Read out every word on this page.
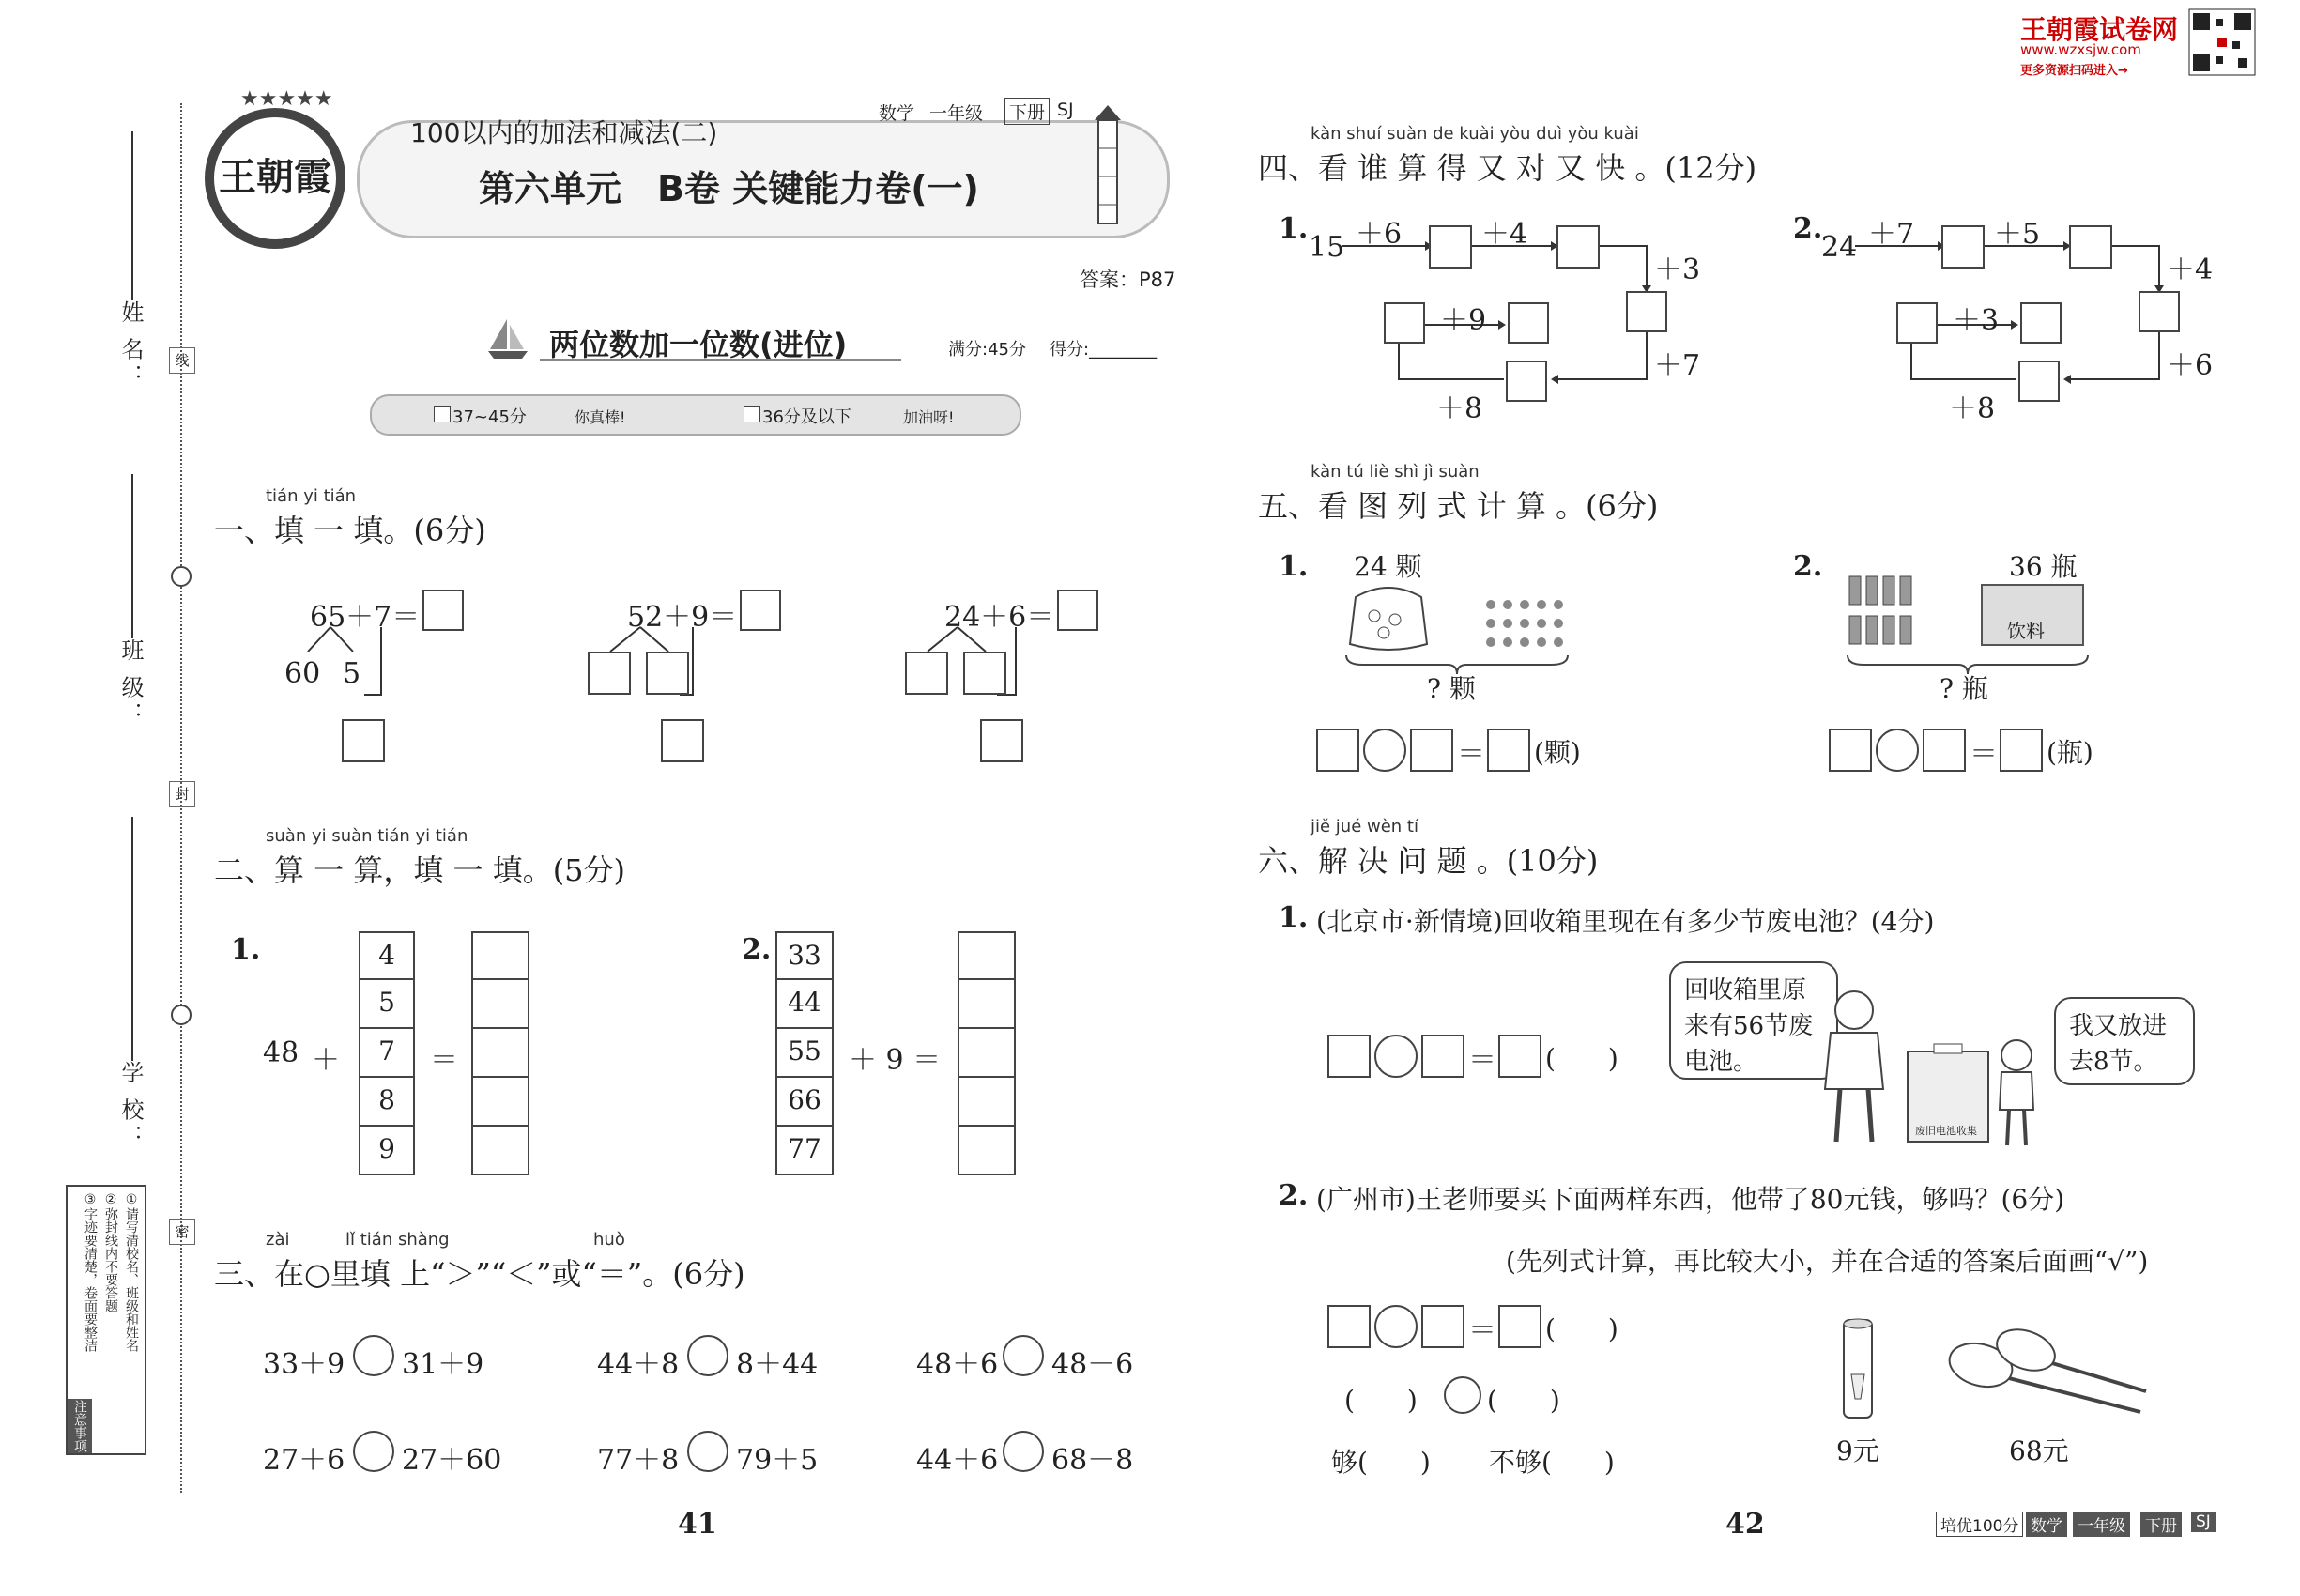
线
封
密
姓 名：
班 级：
学 校：
注意事项
①请写清校名、班级和姓名
②弥封线内不要答题
③字迹要清楚，卷面要整洁
王朝霞
★★★★★
数学 一年级 下册 SJ
100以内的加法和减法(二)
第六单元　B卷 关键能力卷(一)
答案：P87
两位数加一位数(进位)	满分:45分 得分:________
37~45分	你真棒!	36分及以下	加油呀!
tián yi tián
一、填 一 填。(6分)
65＋7＝
60 5
52＋9＝	24＋6＝
suàn yi suàn tián yi tián
二、算 一 算，填 一 填。(5分)
1.
48 ＋
4
5
7
8
9
＝
2. 33
44
55
66
77
＋ 9 ＝
zài	lǐ tián shàng	huò
三、在○里填 上“＞”“＜”或“＝”。(6分)
33＋9 31＋9	44＋8 8＋44	48＋6 48－6
27＋6 27＋60	77＋8 79＋5	44＋6 68－8
41
王朝霞试卷网
www.wzxsjw.com
更多资源扫码进入→
kàn shuí suàn de kuài yòu duì yòu kuài
四、看 谁 算 得 又 对 又 快 。(12分)
1.
15 ＋6	＋4
＋3
＋7
＋8
＋9
2.
24 ＋7	＋5
＋4
＋6
＋8
＋3
kàn tú liè shì jì suàn
五、看 图 列 式 计 算 。(6分)
1. 24 颗
? 颗
＝ (颗)
2.	36 瓶
饮料
? 瓶
＝ (瓶)
jiě jué wèn tí
六、解 决 问 题 。(10分)
1. (北京市·新情境)回收箱里现在有多少节废电池？(4分)
＝ (　　)
回收箱里原
来有56节废
电池。
废旧电池收集
我又放进
去8节。
2. (广州市)王老师要买下面两样东西，他带了80元钱，够吗？(6分)
(先列式计算，再比较大小，并在合适的答案后面画“√”)
＝ (　　)
(　　)	(　　)
够(　　) 不够(　　)	9元	68元
42	培优100分 数学 一年级 下册 SJ
